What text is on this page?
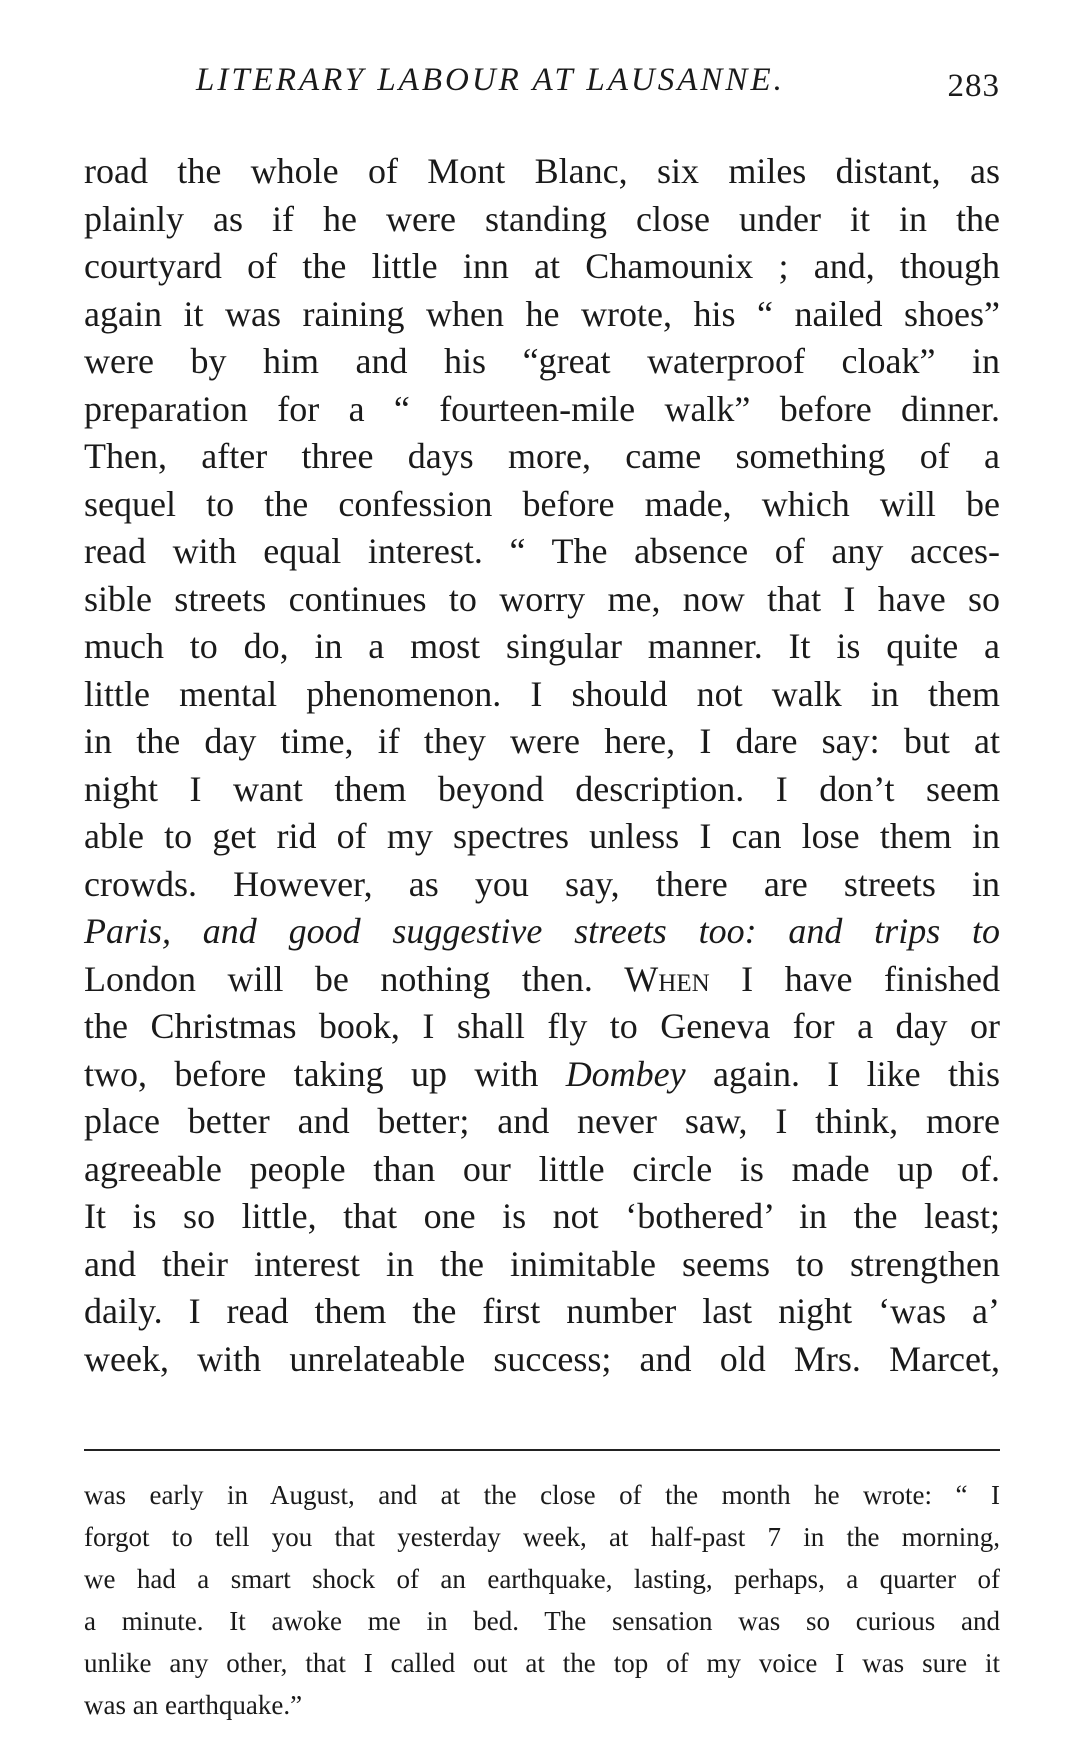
LITERARY LABOUR AT LAUSANNE.	283
road the whole of Mont Blanc, six miles distant, as
plainly as if he were standing close under it in the
courtyard of the little inn at Chamounix ; and, though
again it was raining when he wrote, his “ nailed shoes”
were by him and his “great waterproof cloak” in
preparation for a “ fourteen-mile walk” before dinner.
Then, after three days more, came something of a
sequel to the confession before made, which will be
read with equal interest. “ The absence of any acces-
sible streets continues to worry me, now that I have so
much to do, in a most singular manner. It is quite a
little mental phenomenon. I should not walk in them
in the day time, if they were here, I dare say: but at
night I want them beyond description. I don’t seem
able to get rid of my spectres unless I can lose them in
crowds. However, as you say, there are streets in
Paris, and good suggestive streets too: and trips to
London will be nothing then. When I have finished
the Christmas book, I shall fly to Geneva for a day or
two, before taking up with Dombey again. I like this
place better and better; and never saw, I think, more
agreeable people than our little circle is made up of.
It is so little, that one is not ‘bothered’ in the least;
and their interest in the inimitable seems to strengthen
daily. I read them the first number last night ‘was a’
week, with unrelateable success; and old Mrs. Marcet,
was early in August, and at the close of the month he wrote: “ I
forgot to tell you that yesterday week, at half-past 7 in the morning,
we had a smart shock of an earthquake, lasting, perhaps, a quarter of
a minute. It awoke me in bed. The sensation was so curious and
unlike any other, that I called out at the top of my voice I was sure it
was an earthquake.”
